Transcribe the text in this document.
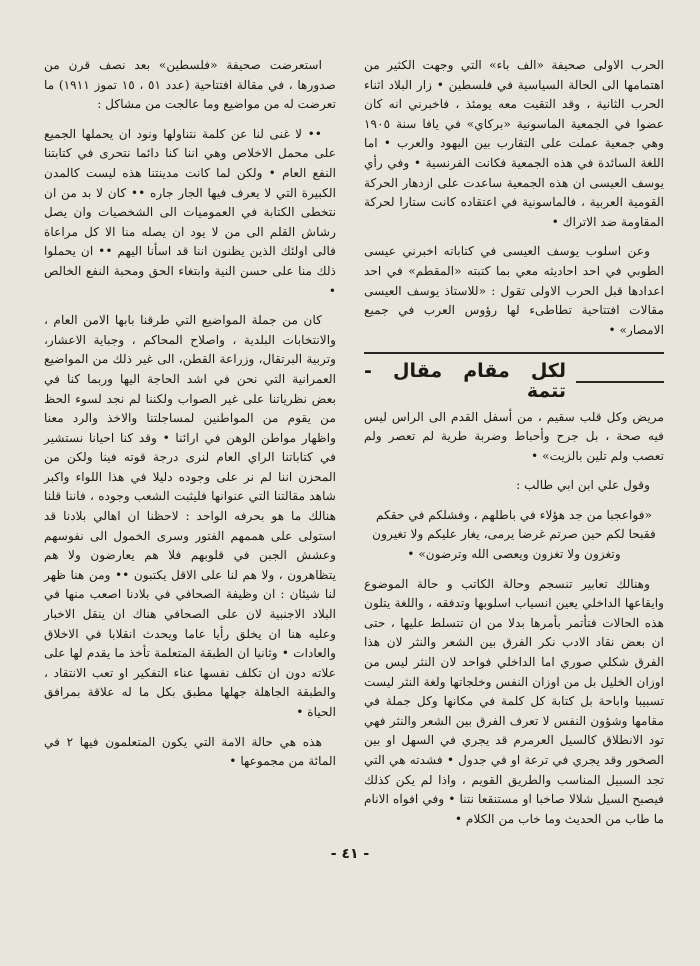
الحرب الاولى صحيفة «الف باء» التي وجهت الكثير من اهتمامها الى الحالة السياسية في فلسطين • زار البلاد اثناء الحرب الثانية ، وقد التقيت معه يومئذ ، فاخبرني انه كان عضوا في الجمعية الماسونية «بركاي» في يافا سنة ١٩٠٥ وهي جمعية عملت على التقارب بين اليهود والعرب • اما اللغة السائدة في هذه الجمعية فكانت الفرنسية • وفي رأي يوسف العيسى ان هذه الجمعية ساعدت على ازدهار الحركة القومية العربية ، فالماسونية في اعتقاده كانت ستارا لحركة المقاومة ضد الاتراك •

وعن اسلوب يوسف العيسى في كتاباته اخبرني عيسى الطوبي في احد احاديثه معي بما كتبته «المقطم» في احد اعدادها قبل الحرب الاولى تقول : «للاستاذ يوسف العيسى مقالات افتتاحية تطاطىء لها رؤوس العرب في جميع الامصار» •

لكل مقام مقال - تتمة

مريض وكل قلب سقيم ، من أسفل القدم الى الراس ليس فيه صحة ، بل جرح وأحباط وضربة طرية لم تعصر ولم تعصب ولم تلين بالزيت» •

وقول علي ابن ابي طالب :

«فواعجبا من جد هؤلاء في باطلهم ، وفشلكم في حقكم فقبحا لكم حين صرتم غرضا يرمى، يغار عليكم ولا تغيرون وتغزون ولا تغزون ويعصى الله وترضون» •

وهنالك تعابير تنسجم وحالة الكاتب و حالة الموضوع وايقاعها الداخلي يعين انسياب اسلوبها وتدفقه ، واللغة يتلون هذه الحالات فتأتمر بأمرها بدلا من ان تتسلط عليها ، حتى ان بعض نقاد الادب نكر الفرق بين الشعر والنثر لان هذا الفرق شكلي صوري اما الداخلي فواحد لان النثر ليس من اوزان الخليل بل من اوزان النفس وخلجاتها ولغة النثر ليست تسبيبا واباحة بل كتابة كل كلمة في مكانها وكل جملة في مقامها وشؤون النفس لا تعرف الفرق بين الشعر والنثر فهي تود الانطلاق كالسيل العرمرم قد يجري في السهل او بين الصخور وقد يجري في ترعة او في جدول • فشدته هي التي تجد السبيل المناسب والطريق القويم ، واذا لم يكن كذلك فيصبح السيل شلالا صاخبا او مستنقعا نتنا • وفي افواه الانام ما طاب من الحديث وما خاب من الكلام •

استعرضت صحيفة «فلسطين» بعد نصف قرن من صدورها ، في مقالة افتتاحية (عدد ٥١ ، ١٥ تموز ١٩١١) ما تعرضت له من مواضيع وما عالجت من مشاكل :

•• لا غنى لنا عن كلمة نتناولها ونود ان يحملها الجميع على محمل الاخلاص وهي اننا كنا دائما نتحرى في كتابتنا النفع العام • ولكن لما كانت مدينتنا هذه ليست كالمدن الكبيرة التي لا يعرف فيها الجار جاره •• كان لا بد من ان نتخطى الكتابة في العموميات الى الشخصيات وان يصل رشاش القلم الى من لا يود ان يصله منا الا كل مراعاة فالى اولئك الذين يظنون اننا قد اسأنا اليهم •• ان يحملوا ذلك منا على حسن النية وابتغاء الحق ومحبة النفع الخالص •

كان من جملة المواضيع التي طرقنا بابها الامن العام ، والانتخابات البلدية ، واصلاح المحاكم ، وجباية الاعشار، وتربية البرتقال، وزراعة القطن، الى غير ذلك من المواضيع العمرانية التي نحن في اشد الحاجة اليها وربما كنا في بعض نظرياتنا على غير الصواب ولكننا لم نجد لسوء الحظ من يقوم من المواطنين لمساجلتنا والاخذ والرد معنا واظهار مواطن الوهن في ارائنا • وقد كنا احيانا نستشير في كتاباتنا الراي العام لنرى درجة قوته فينا ولكن من المحزن اننا لم نر على وجوده دليلا في هذا اللواء واكبر شاهد مقالتنا التي عنوانها فليثبت الشعب وجوده ، فاننا قلنا هنالك ما هو بحرفه الواحد : لاحظنا ان اهالي بلادنا قد استولى على هممهم الفتور وسرى الخمول الى نفوسهم وعشش الجبن في قلوبهم فلا هم يعارضون ولا هم يتظاهرون ، ولا هم لنا على الاقل يكتبون •• ومن هنا ظهر لنا شيئان : ان وظيفة الصحافي في بلادنا اصعب منها في البلاد الاجنبية لان على الصحافي هناك ان ينقل الاخبار وعليه هنا ان يخلق رأيا عاما ويحدث انقلابا في الاخلاق والعادات • وثانيا ان الطبقة المتعلمة تأخذ ما يقدم لها على علاته دون ان تكلف نفسها عناء التفكير او تعب الانتقاد ، والطبقة الجاهلة جهلها مطبق بكل ما له علاقة بمرافق الحياة •

هذه هي حالة الامة التي يكون المتعلمون فيها ٢ في المائة من مجموعها •

- ٤١ -
